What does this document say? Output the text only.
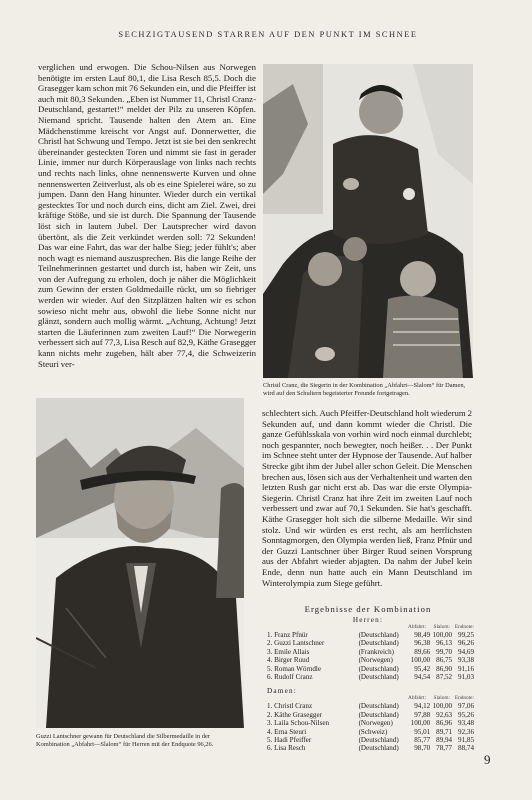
SECHZIGTAUSEND STARREN AUF DEN PUNKT IM SCHNEE
verglichen und erwogen. Die Schou-Nilsen aus Norwegen benötigte im ersten Lauf 80,1, die Lisa Resch 85,5. Doch die Grasegger kam schon mit 76 Sekunden ein, und die Pfeiffer ist auch mit 80,3 Sekunden. „Eben ist Nummer 11, Christl Cranz-Deutschland, gestartet!“ meldet der Pilz zu unseren Köpfen. Niemand spricht. Tausende halten den Atem an. Eine Mädchenstimme kreischt vor Angst auf. Donnerwetter, die Christl hat Schwung und Tempo. Jetzt ist sie bei den senkrecht übereinander gesteckten Toren und nimmt sie fast in gerader Linie, immer nur durch Körperauslage von links nach rechts und rechts nach links, ohne nennenswerte Kurven und ohne nennenswerten Zeitverlust, als ob es eine Spielerei wäre, so zu jumpen. Dann den Hang hinunter. Wieder durch ein vertikal gestecktes Tor und noch durch eins, dicht am Ziel. Zwei, drei kräftige Stöße, und sie ist durch. Die Spannung der Tausende löst sich in lautem Jubel. Der Lautsprecher wird davon übertönt, als die Zeit verkündet werden soll: 72 Sekunden! Das war eine Fahrt, das war der halbe Sieg; jeder fühlt's; aber noch wagt es niemand auszusprechen. Bis die lange Reihe der Teilnehmerinnen gestartet und durch ist, haben wir Zeit, uns von der Aufregung zu erholen, doch je näher die Möglichkeit zum Gewinn der ersten Goldmedaille rückt, um so fiebriger werden wir wieder. Auf den Sitzplätzen halten wir es schon sowieso nicht mehr aus, obwohl die liebe Sonne nicht nur glänzt, sondern auch mollig wärmt. „Achtung, Achtung! Jetzt starten die Läuferinnen zum zweiten Lauf!“ Die Norwegerin verbessert sich auf 77,3, Lisa Resch auf 82,9, Käthe Grasegger kann nichts mehr zugeben, hält aber 77,4, die Schweizerin Steuri ver-
Christl Cranz, die Siegerin in der Kombination „Abfahrt—Slalom“ für Damen, wird auf den Schultern begeisterter Freunde fortgetragen.
Guzzi Lantschner gewann für Deutschland die Silbermedaille in der Kombination „Abfahrt—Slalom“ für Herren mit der Endquote 96,26.
schlechtert sich. Auch Pfeiffer-Deutschland holt wiederum 2 Sekunden auf, und dann kommt wieder die Christl. Die ganze Gefühlsskala von vorhin wird noch einmal durchlebt; noch gespannter, noch bewegter, noch heißer. . . Der Punkt im Schnee steht unter der Hypnose der Tausende. Auf halber Strecke gibt ihm der Jubel aller schon Geleit. Die Menschen brechen aus, lösen sich aus der Verhaltenheit und warten den letzten Rush gar nicht erst ab. Das war die erste Olympia-Siegerin. Christl Cranz hat ihre Zeit im zweiten Lauf noch verbessert und zwar auf 70,1 Sekunden. Sie hat's geschafft. Käthe Grasegger holt sich die silberne Medaille. Wir sind stolz. Und wir würden es erst recht, als am herrlichsten Sonntagmorgen, den Olympia werden ließ, Franz Pfnür und der Guzzi Lantschner über Birger Ruud seinen Vorsprung aus der Abfahrt wieder abjagten. Da nahm der Jubel kein Ende, denn nun hatte auch ein Mann Deutschland im Winterolympia zum Siege geführt.
Ergebnisse der Kombination
Herren:
Abfahrt:	Slalom: Endnote:
1. Franz Pfnür
2. Guzzi Lantschner
3. Emile Allais
4. Birger Ruud
5. Roman Wörndle
6. Rudolf Cranz
(Deutschland)
(Deutschland)
(Frankreich)
(Norwegen)
(Deutschland)
(Deutschland)
98,49
96,38
89,66
100,00
95,42
94,54
100,00
96,13
99,70
86,75
86,90
87,52
99,25
96,26
94,69
93,38
91,16
91,03
Damen:
Abfahrt:	Slalom: Endnote:
1. Christl Cranz
2. Käthe Grasegger
3. Laila Schou-Nilsen
4. Erna Steuri
5. Hadi Pfeiffer
6. Lisa Resch
(Deutschland)
(Deutschland)
(Norwegen)
(Schweiz)
(Deutschland)
(Deutschland)
94,12
97,88
100,00
95,01
85,77
98,70
100,00
92,63
86,96
89,71
89,94
78,77
97,06
95,26
93,48
92,36
91,85
88,74
9
